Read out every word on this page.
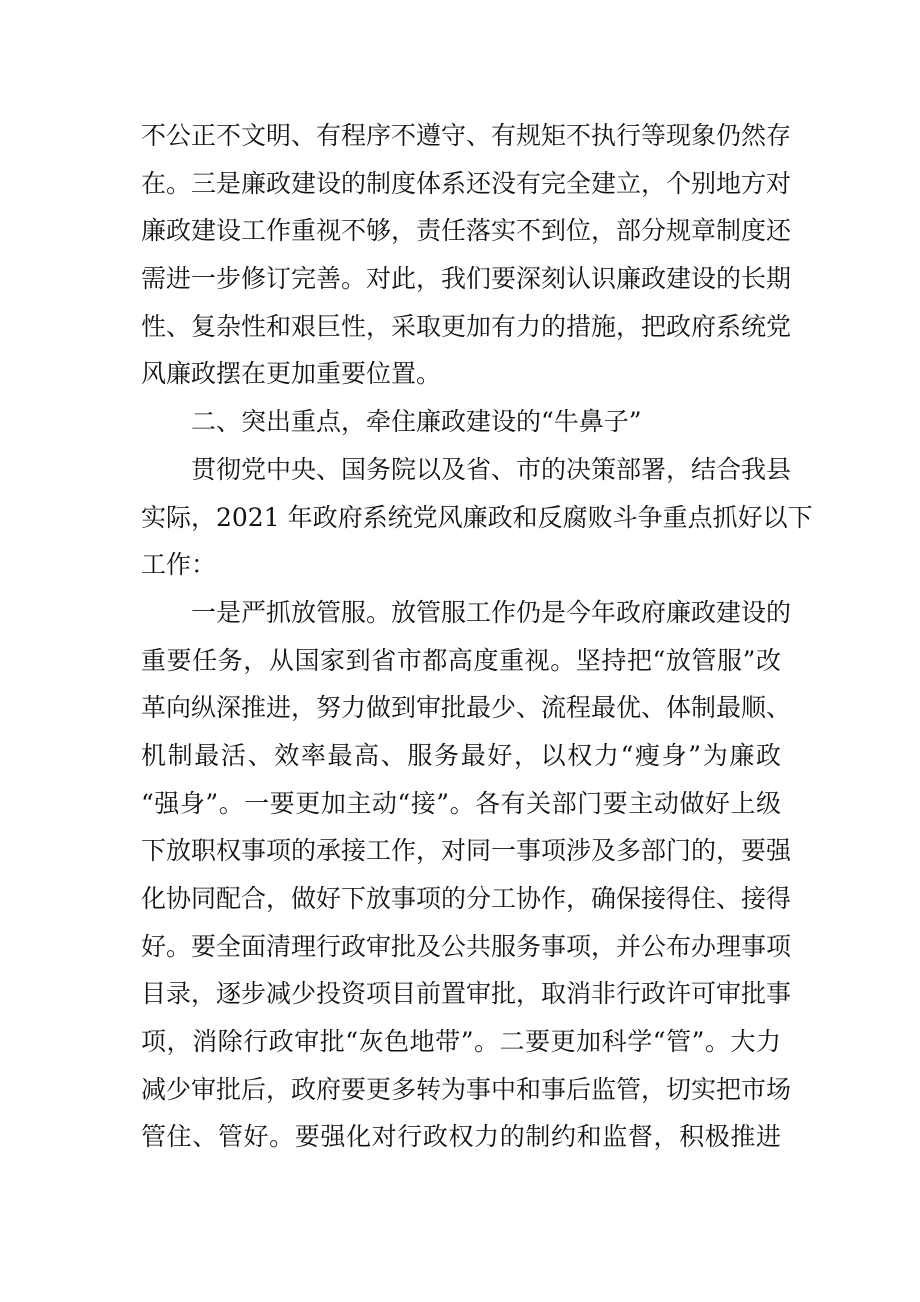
不公正不文明、有程序不遵守、有规矩不执行等现象仍然存
在。三是廉政建设的制度体系还没有完全建立，个别地方对
廉政建设工作重视不够，责任落实不到位，部分规章制度还
需进一步修订完善。对此，我们要深刻认识廉政建设的长期
性、复杂性和艰巨性，采取更加有力的措施，把政府系统党
风廉政摆在更加重要位置。
二、突出重点，牵住廉政建设的“牛鼻子”
贯彻党中央、国务院以及省、市的决策部署，结合我县
实际，2021 年政府系统党风廉政和反腐败斗争重点抓好以下
工作：
一是严抓放管服。放管服工作仍是今年政府廉政建设的
重要任务，从国家到省市都高度重视。坚持把“放管服”改
革向纵深推进，努力做到审批最少、流程最优、体制最顺、
机制最活、效率最高、服务最好，以权力“瘦身”为廉政
“强身”。一要更加主动“接”。各有关部门要主动做好上级
下放职权事项的承接工作，对同一事项涉及多部门的，要强
化协同配合，做好下放事项的分工协作，确保接得住、接得
好。要全面清理行政审批及公共服务事项，并公布办理事项
目录，逐步减少投资项目前置审批，取消非行政许可审批事
项，消除行政审批“灰色地带”。二要更加科学“管”。大力
减少审批后，政府要更多转为事中和事后监管，切实把市场
管住、管好。要强化对行政权力的制约和监督，积极推进
